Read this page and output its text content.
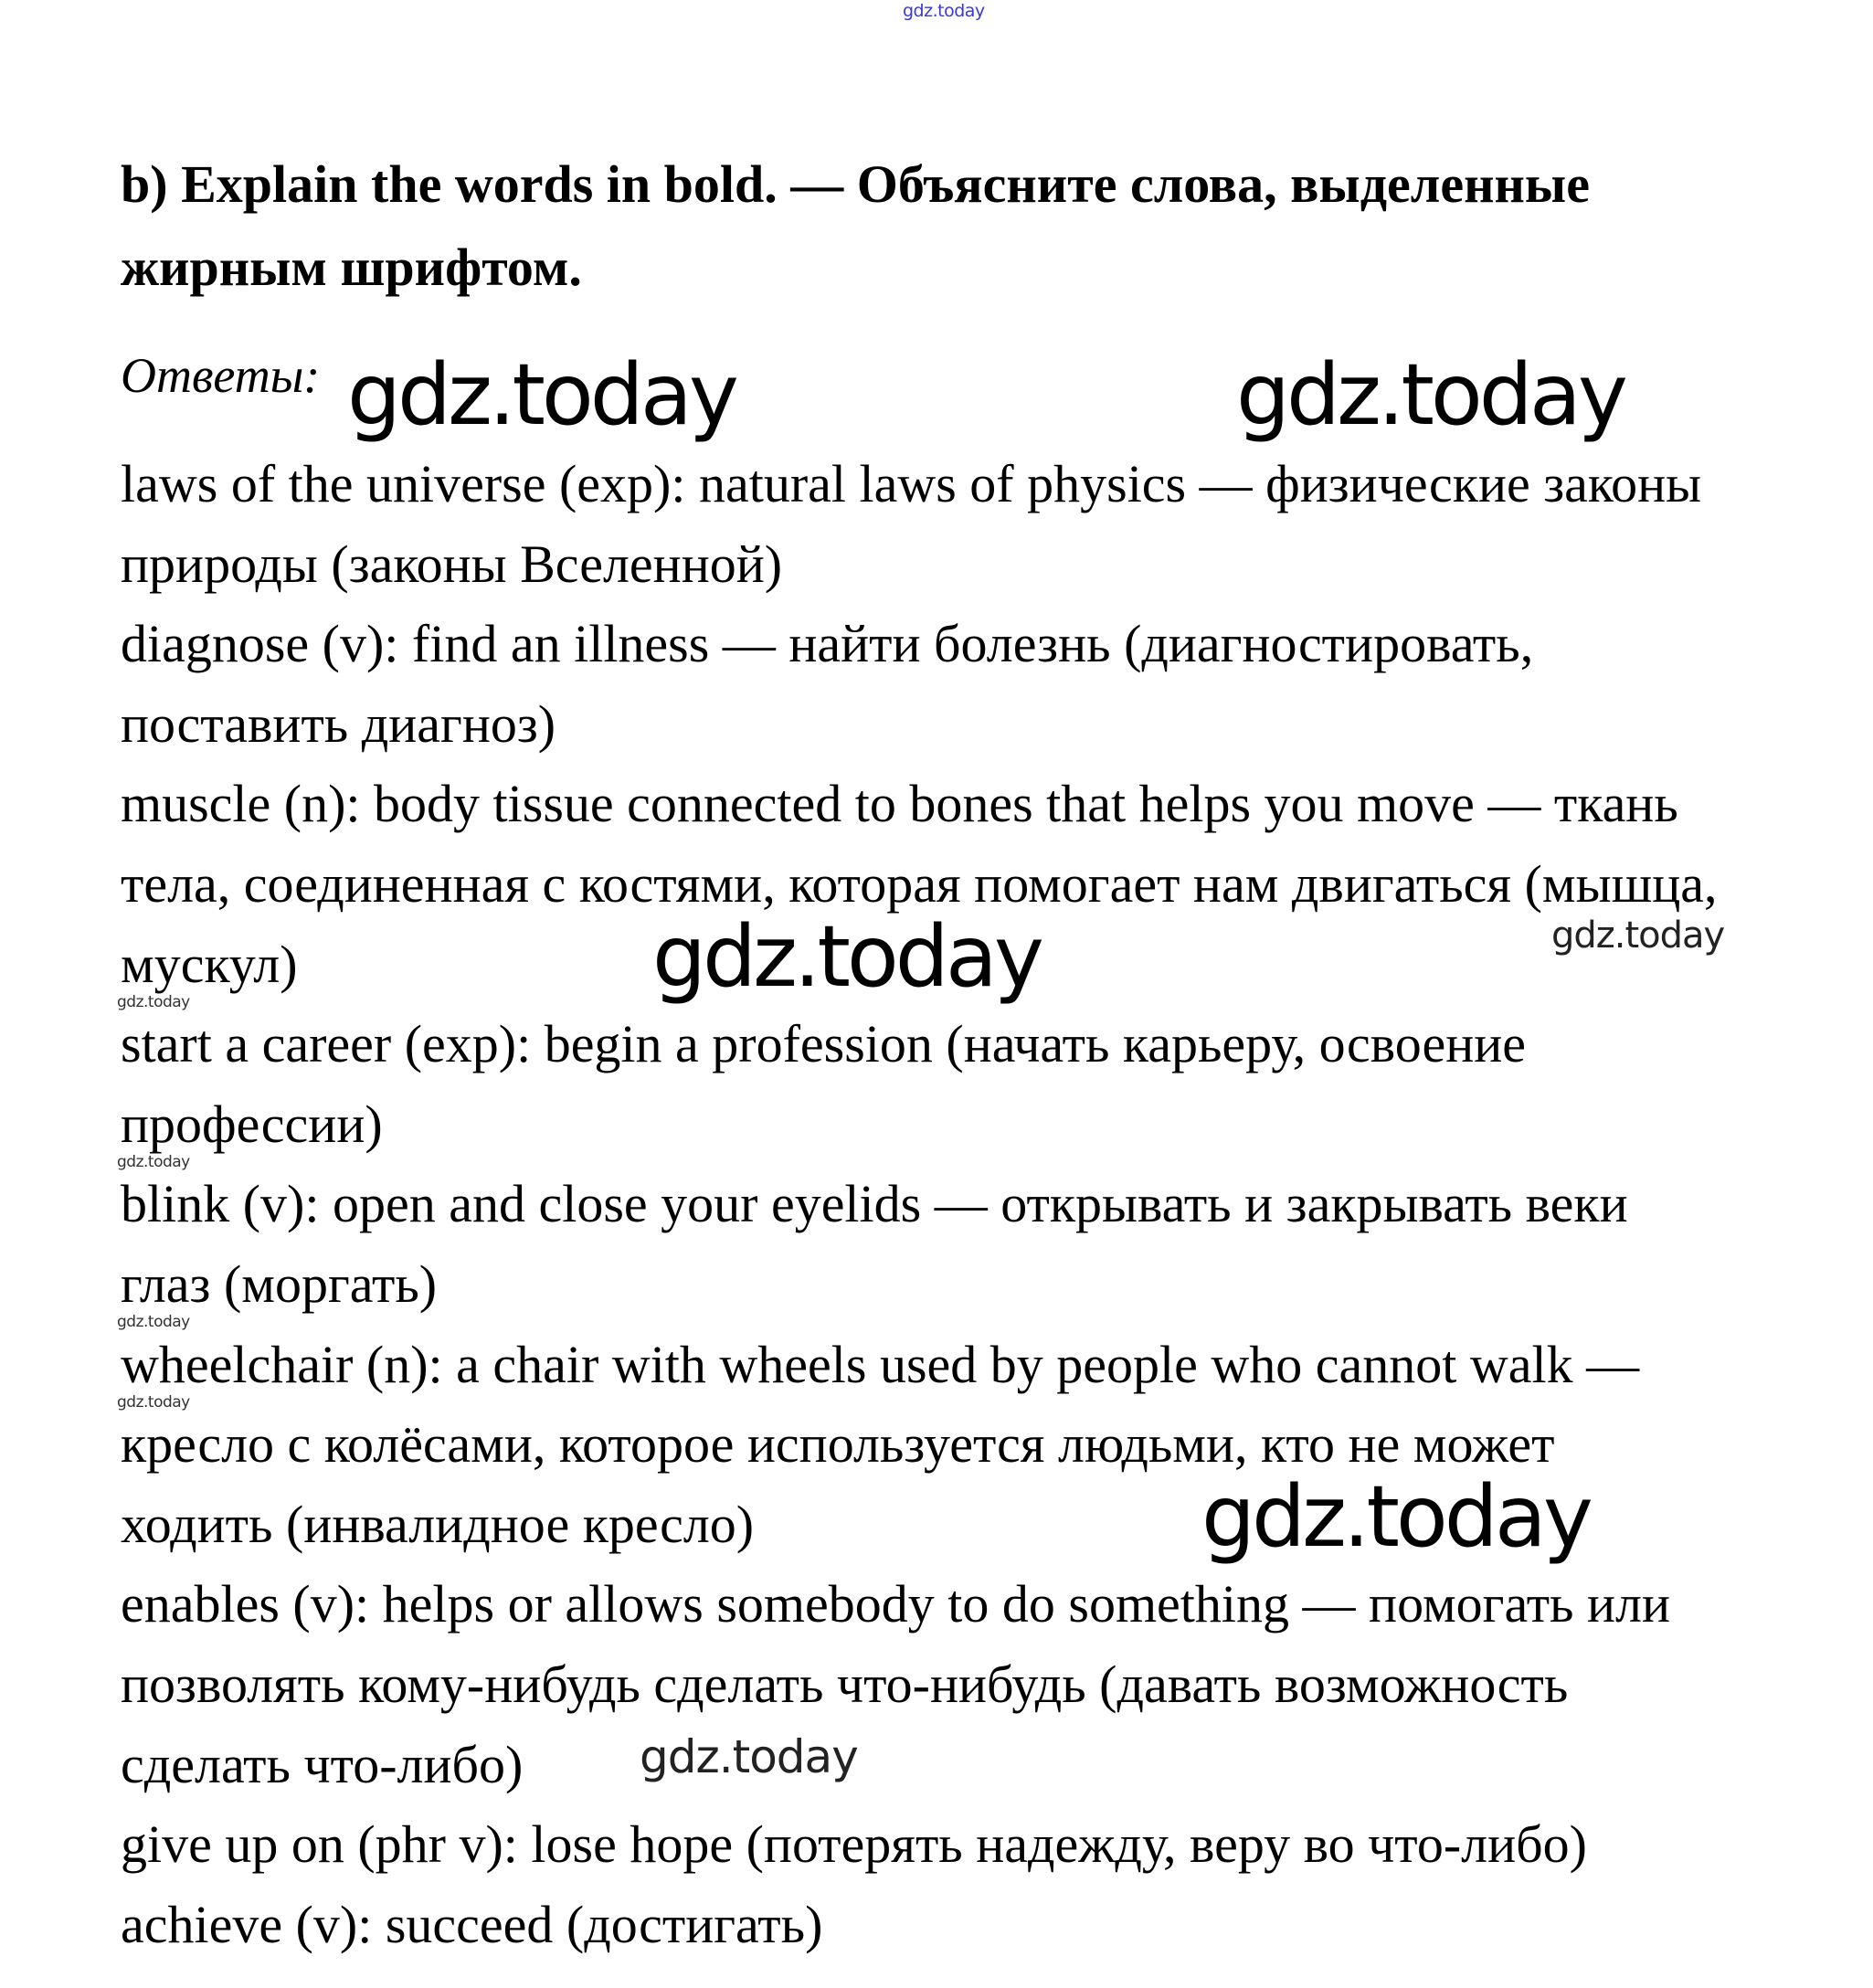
gdz.today
b) Explain the words in bold. — Объясните слова, выделенные
жирным шрифтом.
Ответы:
laws of the universe (exp): natural laws of physics — физические законы
природы (законы Вселенной)
diagnose (v): find an illness — найти болезнь (диагностировать,
поставить диагноз)
muscle (n): body tissue connected to bones that helps you move — ткань
тела, соединенная с костями, которая помогает нам двигаться (мышца,
мускул)
start a career (exp): begin a profession (начать карьеру, освоение
профессии)
blink (v): open and close your eyelids — открывать и закрывать веки
глаз (моргать)
wheelchair (n): a chair with wheels used by people who cannot walk —
кресло с колёсами, которое используется людьми, кто не может
ходить (инвалидное кресло)
enables (v): helps or allows somebody to do something — помогать или
позволять кому-нибудь сделать что-нибудь (давать возможность
сделать что-либо)
give up on (phr v): lose hope (потерять надежду, веру во что-либо)
achieve (v): succeed (достигать)
gdz.today	gdz.today
gdz.today
gdz.today
gdz.today
gdz.today
gdz.today
gdz.today
gdz.today
gdz.today
